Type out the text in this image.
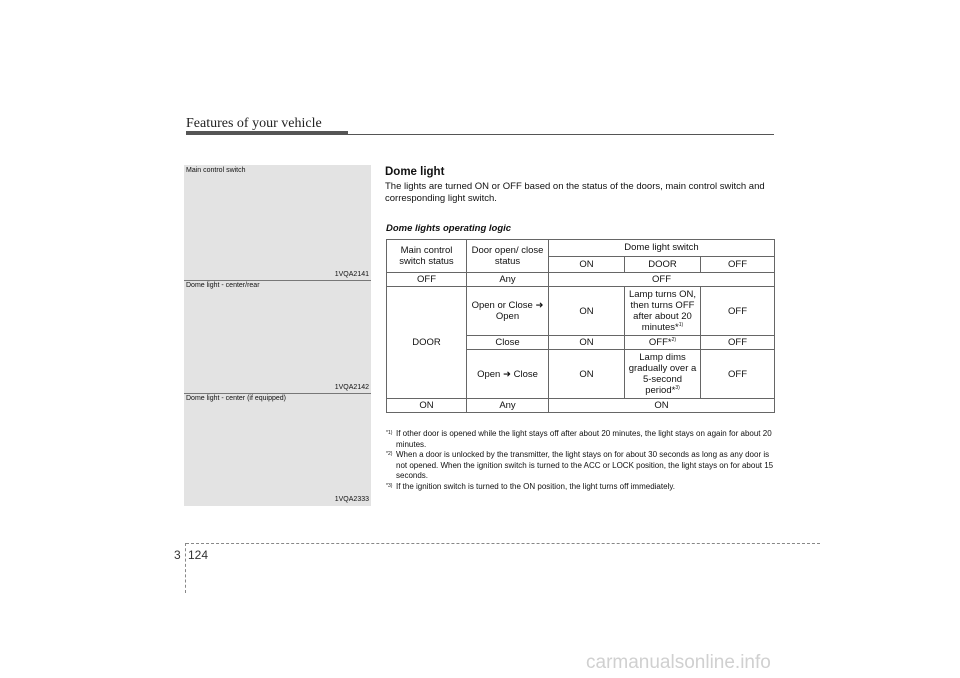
Features of your vehicle
Main control switch
1VQA2141
Dome light - center/rear
1VQA2142
Dome light - center (if equipped)
1VQA2333
Dome light
The lights are turned ON or OFF based on the status of the doors, main control switch and corresponding light switch.
Dome lights operating logic
Main control switch status	Door open/ close status	Dome light switch		
		ON	DOOR	OFF
OFF	Any	OFF		
DOOR	Open or Close ➜ Open	ON	Lamp turns ON, then turns OFF after about 20 minutes*$^{1)}$	OFF
	Close	ON	OFF*$^{2)}$	OFF
	Open ➜ Close	ON	Lamp dims gradually over a 5-second period*$^{3)}$	OFF
ON	Any	ON		
*1) If other door is opened while the light stays off after about 20 minutes, the light stays on again for about 20 minutes.
*2) When a door is unlocked by the transmitter, the light stays on for about 30 seconds as long as any door is not opened. When the ignition switch is turned to the ACC or LOCK position, the light stays on for about 15 seconds.
*3) If the ignition switch is turned to the ON position, the light turns off immediately.
3 124
carmanualsonline.info
